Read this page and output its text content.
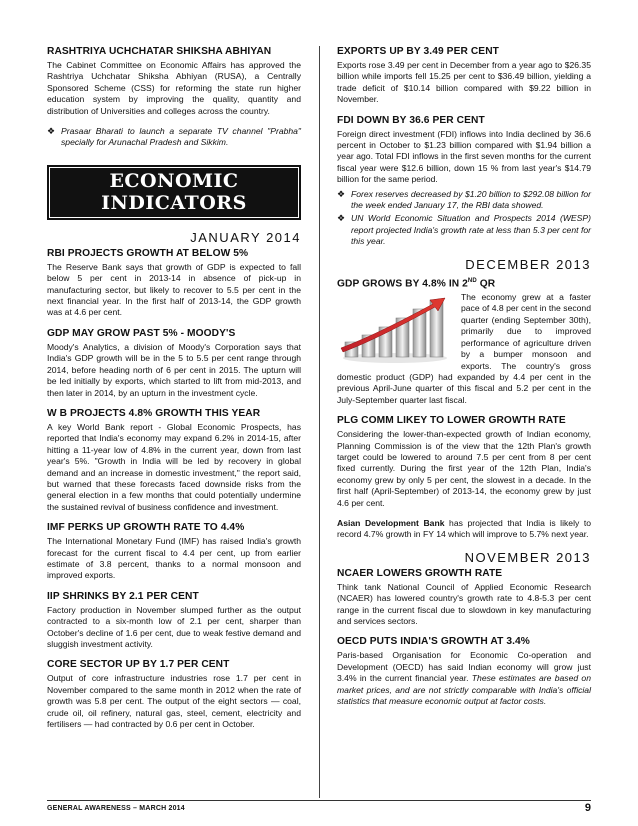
RASHTRIYA UCHCHATAR SHIKSHA ABHIYAN
The Cabinet Committee on Economic Affairs has approved the Rashtriya Uchchatar Shiksha Abhiyan (RUSA), a Centrally Sponsored Scheme (CSS) for reforming the state run higher education system by improving the quality, quantity and distribution of Universities and colleges across the country.
❖ Prasaar Bharati to launch a separate TV channel "Prabha" specially for Arunachal Pradesh and Sikkim.
ECONOMIC INDICATORS
JANUARY 2014
RBI PROJECTS GROWTH AT BELOW 5%
The Reserve Bank says that growth of GDP is expected to fall below 5 per cent in 2013-14 in absence of pick-up in manufacturing sector, but likely to recover to 5.5 per cent in the next financial year. In the first half of 2013-14, the GDP growth was at 4.6 per cent.
GDP MAY GROW PAST 5% - MOODY'S
Moody's Analytics, a division of Moody's Corporation says that India's GDP growth will be in the 5 to 5.5 per cent range through 2014, before heading north of 6 per cent in 2015. The upturn will be led initially by exports, which started to lift from mid-2013, and then later in 2014, by an upturn in the investment cycle.
W B PROJECTS 4.8% GROWTH THIS YEAR
A key World Bank report - Global Economic Prospects, has reported that India's economy may expand 6.2% in 2014-15, after hitting a 11-year low of 4.8% in the current year, down from last year's 5%. "Growth in India will be led by recovery in global demand and an increase in domestic investment," the report said, but warned that these forecasts faced downside risks from the general election in a few months that could potentially undermine the sustained revival of business confidence and investment.
IMF PERKS UP GROWTH RATE TO 4.4%
The International Monetary Fund (IMF) has raised India's growth forecast for the current fiscal to 4.4 per cent, up from earlier estimate of 3.8 percent, thanks to a normal monsoon and improved exports.
IIP SHRINKS BY 2.1 PER CENT
Factory production in November slumped further as the output contracted to a six-month low of 2.1 per cent, sharper than October's decline of 1.6 per cent, due to weak festive demand and sluggish investment activity.
CORE SECTOR UP BY 1.7 PER CENT
Output of core infrastructure industries rose 1.7 per cent in November compared to the same month in 2012 when the rate of growth was 5.8 per cent. The output of the eight sectors — coal, crude oil, oil refinery, natural gas, steel, cement, electricity and fertilisers — had contracted by 0.6 per cent in October.
EXPORTS UP BY 3.49 PER CENT
Exports rose 3.49 per cent in December from a year ago to $26.35 billion while imports fell 15.25 per cent to $36.49 billion, yielding a trade deficit of $10.14 billion compared with $9.22 billion in November.
FDI DOWN BY 36.6 PER CENT
Foreign direct investment (FDI) inflows into India declined by 36.6 percent in October to $1.23 billion compared with $1.94 billion a year ago. Total FDI inflows in the first seven months for the current fiscal year were $12.6 billion, down 15 % from last year's $14.79 billion for the same period.
❖ Forex reserves decreased by $1.20 billion to $292.08 billion for the week ended January 17, the RBI data showed.
❖ UN World Economic Situation and Prospects 2014 (WESP) report projected India's growth rate at less than 5.3 per cent for this year.
DECEMBER 2013
GDP GROWS BY 4.8% IN 2ND QR
The economy grew at a faster pace of 4.8 per cent in the second quarter (ending September 30th), primarily due to improved performance of agriculture driven by a bumper monsoon and exports. The country's gross domestic product (GDP) had expanded by 4.4 per cent in the previous April-June quarter of this fiscal and 5.2 per cent in the July-September quarter last fiscal.
PLG COMM LIKEY TO LOWER GROWTH RATE
Considering the lower-than-expected growth of Indian economy, Planning Commission is of the view that the 12th Plan's growth target could be lowered to around 7.5 per cent from 8 per cent fixed currently. During the first year of the 12th Plan, India's economy grew by only 5 per cent, the slowest in a decade. In the first half (April-September) of 2013-14, the economy grew by just 4.6 per cent.
Asian Development Bank has projected that India is likely to record 4.7% growth in FY 14 which will improve to 5.7% next year.
NOVEMBER 2013
NCAER LOWERS GROWTH RATE
Think tank National Council of Applied Economic Research (NCAER) has lowered country's growth rate to 4.8-5.3 per cent range in the current fiscal due to slowdown in key manufacturing and services sectors.
OECD PUTS INDIA'S GROWTH AT 3.4%
Paris-based Organisation for Economic Co-operation and Development (OECD) has said Indian economy will grow just 3.4% in the current financial year. These estimates are based on market prices, and are not strictly comparable with India's official statistics that measure economic output at factor costs.
GENERAL AWARENESS – MARCH 2014	9
